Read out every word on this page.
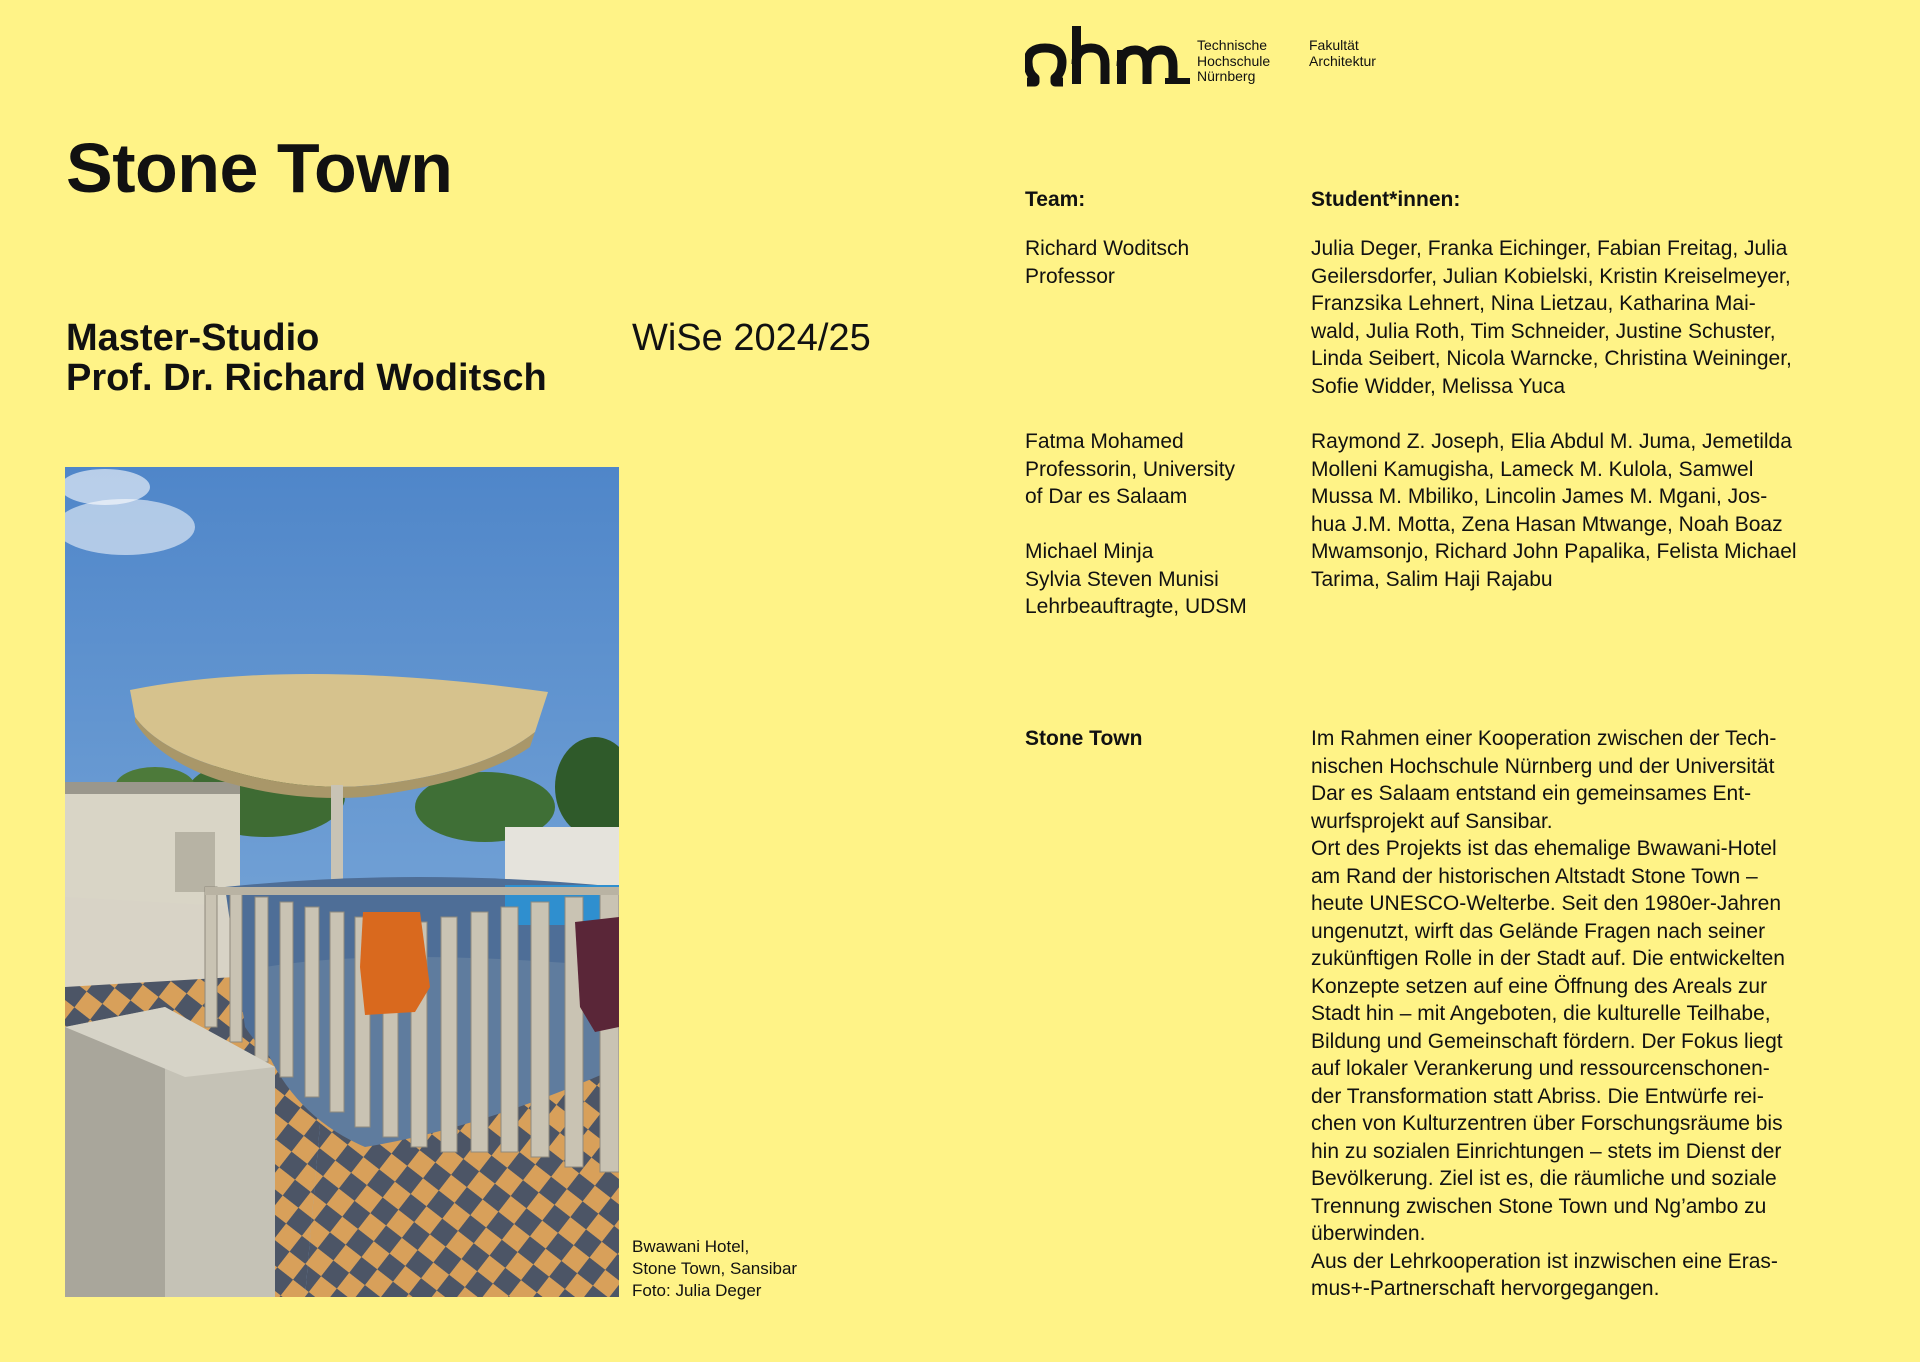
Stone Town
Master-Studio
Prof. Dr. Richard Woditsch
WiSe 2024/25
Bwawani Hotel,
Stone Town, Sansibar
Foto: Julia Deger
Technische
Hochschule
Nürnberg
Fakultät
Architektur
Team:	Student*innen:
Richard Woditsch
Professor
Julia Deger, Franka Eichinger, Fabian Freitag, Julia
Geilersdorfer, Julian Kobielski, Kristin Kreiselmeyer,
Franzsika Lehnert, Nina Lietzau, Katharina Mai-
wald, Julia Roth, Tim Schneider, Justine Schuster,
Linda Seibert, Nicola Warncke, Christina Weininger,
Sofie Widder, Melissa Yuca
Fatma Mohamed
Professorin, University
of Dar es Salaam
Michael Minja
Sylvia Steven Munisi
Lehrbeauftragte, UDSM
Raymond Z. Joseph, Elia Abdul M. Juma, Jemetilda
Molleni Kamugisha, Lameck M. Kulola, Samwel
Mussa M. Mbiliko, Lincolin James M. Mgani, Jos-
hua J.M. Motta, Zena Hasan Mtwange, Noah Boaz
Mwamsonjo, Richard John Papalika, Felista Michael
Tarima, Salim Haji Rajabu
Stone Town	Im Rahmen einer Kooperation zwischen der Tech-
nischen Hochschule Nürnberg und der Universität
Dar es Salaam entstand ein gemeinsames Ent-
wurfsprojekt auf Sansibar.
Ort des Projekts ist das ehemalige Bwawani-Hotel
am Rand der historischen Altstadt Stone Town –
heute UNESCO-Welterbe. Seit den 1980er-Jahren
ungenutzt, wirft das Gelände Fragen nach seiner
zukünftigen Rolle in der Stadt auf. Die entwickelten
Konzepte setzen auf eine Öffnung des Areals zur
Stadt hin – mit Angeboten, die kulturelle Teilhabe,
Bildung und Gemeinschaft fördern. Der Fokus liegt
auf lokaler Verankerung und ressourcenschonen-
der Transformation statt Abriss. Die Entwürfe rei-
chen von Kulturzentren über Forschungsräume bis
hin zu sozialen Einrichtungen – stets im Dienst der
Bevölkerung. Ziel ist es, die räumliche und soziale
Trennung zwischen Stone Town und Ng’ambo zu
überwinden.
Aus der Lehrkooperation ist inzwischen eine Eras-
mus+-Partnerschaft hervorgegangen.
